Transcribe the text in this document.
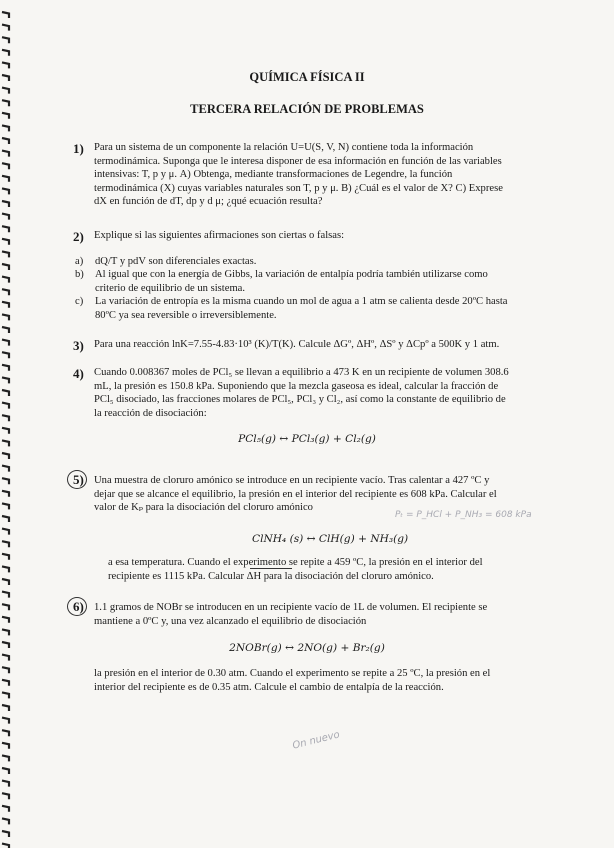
QUÍMICA FÍSICA II
TERCERA RELACIÓN DE PROBLEMAS
1) Para un sistema de un componente la relación U=U(S, V, N) contiene toda la información
termodinámica. Suponga que le interesa disponer de esa información en función de las variables
intensivas: T, p y μ. A) Obtenga, mediante transformaciones de Legendre, la función
termodinámica (X) cuyas variables naturales son T, p y μ. B) ¿Cuál es el valor de X? C) Exprese
dX en función de dT, dp y d μ; ¿qué ecuación resulta?
2) Explique si las siguientes afirmaciones son ciertas o falsas:
a) dQ/T y pdV son diferenciales exactas.
b) Al igual que con la energía de Gibbs, la variación de entalpía podría también utilizarse como
criterio de equilibrio de un sistema.
c) La variación de entropía es la misma cuando un mol de agua a 1 atm se calienta desde 20ºC hasta
80ºC ya sea reversible o irreversiblemente.
3) Para una reacción lnK=7.55-4.83·10³ (K)/T(K). Calcule ΔGº, ΔHº, ΔSº y ΔCpº a 500K y 1 atm.
4) Cuando 0.008367 moles de PCl₅ se llevan a equilibrio a 473 K en un recipiente de volumen 308.6
mL, la presión es 150.8 kPa. Suponiendo que la mezcla gaseosa es ideal, calcular la fracción de
PCl₅ disociado, las fracciones molares de PCl₅, PCl₃ y Cl₂, así como la constante de equilibrio de
la reacción de disociación:
PCl₅(g) ↔ PCl₃(g) + Cl₂(g)
5) Una muestra de cloruro amónico se introduce en un recipiente vacío. Tras calentar a 427 ºC y
dejar que se alcance el equilibrio, la presión en el interior del recipiente es 608 kPa. Calcular el
valor de Kₚ para la disociación del cloruro amónico
Pₜ = P_HCl + P_NH₃ = 608 kPa
ClNH₄ (s) ↔ ClH(g) + NH₃(g)
a esa temperatura. Cuando el experimento se repite a 459 ºC, la presión en el interior del
recipiente es 1115 kPa. Calcular ΔH para la disociación del cloruro amónico.
6) 1.1 gramos de NOBr se introducen en un recipiente vacío de 1L de volumen. El recipiente se
mantiene a 0ºC y, una vez alcanzado el equilibrio de disociación
2NOBr(g) ↔ 2NO(g) + Br₂(g)
la presión en el interior de 0.30 atm. Cuando el experimento se repite a 25 ºC, la presión en el
interior del recipiente es de 0.35 atm. Calcule el cambio de entalpía de la reacción.
On nuevo
